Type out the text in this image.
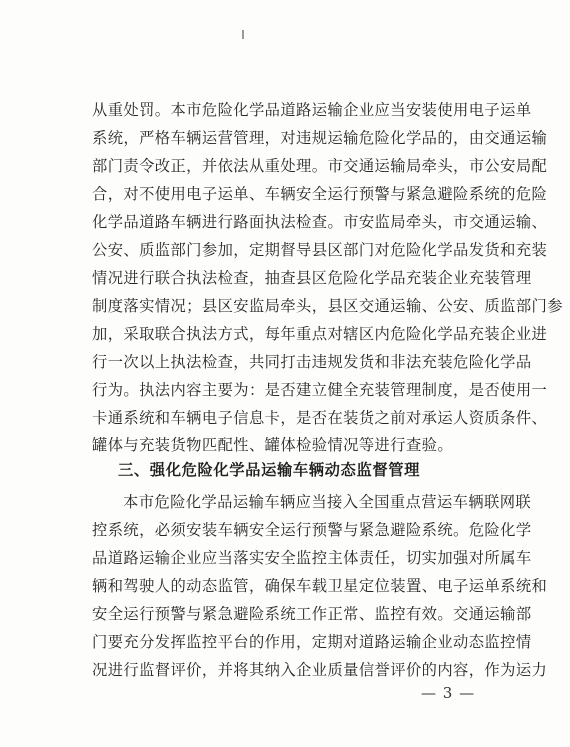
从重处罚。本市危险化学品道路运输企业应当安装使用电子运单
系统，严格车辆运营管理，对违规运输危险化学品的，由交通运输
部门责令改正，并依法从重处理。市交通运输局牵头，市公安局配
合，对不使用电子运单、车辆安全运行预警与紧急避险系统的危险
化学品道路车辆进行路面执法检查。市安监局牵头，市交通运输、
公安、质监部门参加，定期督导县区部门对危险化学品发货和充装
情况进行联合执法检查，抽查县区危险化学品充装企业充装管理
制度落实情况；县区安监局牵头，县区交通运输、公安、质监部门参
加，采取联合执法方式，每年重点对辖区内危险化学品充装企业进
行一次以上执法检查，共同打击违规发货和非法充装危险化学品
行为。执法内容主要为：是否建立健全充装管理制度，是否使用一
卡通系统和车辆电子信息卡，是否在装货之前对承运人资质条件、
罐体与充装货物匹配性、罐体检验情况等进行查验。
三、强化危险化学品运输车辆动态监督管理
本市危险化学品运输车辆应当接入全国重点营运车辆联网联
控系统，必须安装车辆安全运行预警与紧急避险系统。危险化学
品道路运输企业应当落实安全监控主体责任，切实加强对所属车
辆和驾驶人的动态监管，确保车载卫星定位装置、电子运单系统和
安全运行预警与紧急避险系统工作正常、监控有效。交通运输部
门要充分发挥监控平台的作用，定期对道路运输企业动态监控情
况进行监督评价，并将其纳入企业质量信誉评价的内容，作为运力
— 3 —
